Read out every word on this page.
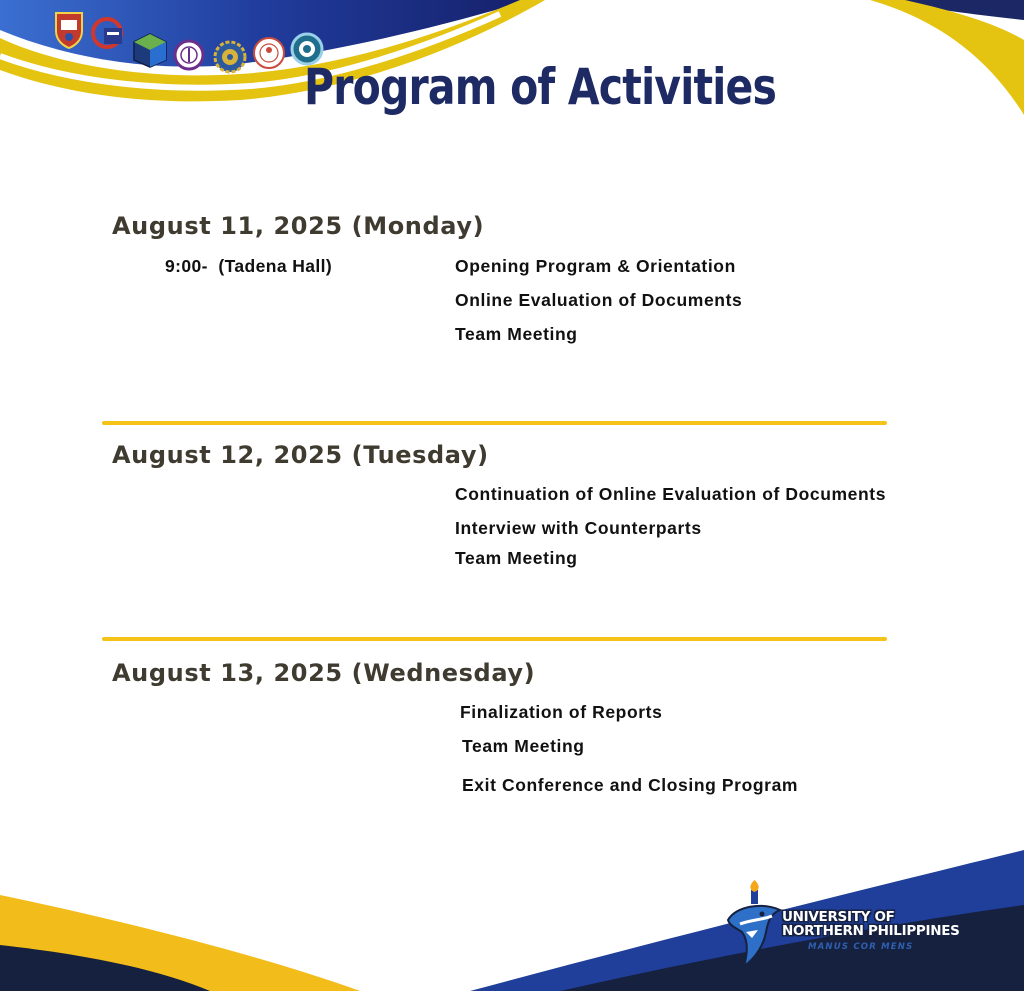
Program of Activities
August 11, 2025 (Monday)
9:00-  (Tadena Hall)	Opening Program & Orientation
Online Evaluation of Documents
Team Meeting
August 12, 2025 (Tuesday)
Continuation of Online Evaluation of Documents
Interview with Counterparts
Team Meeting
August 13, 2025 (Wednesday)
Finalization of Reports
Team Meeting
Exit Conference and Closing Program
UNIVERSITY OF
NORTHERN PHILIPPINES
MANUS COR MENS
